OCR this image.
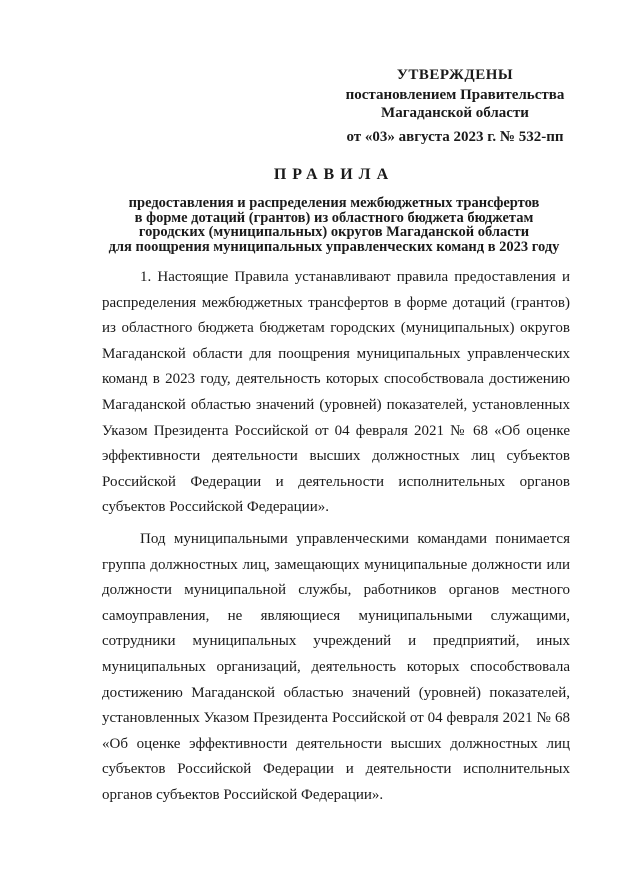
УТВЕРЖДЕНЫ
постановлением Правительства
Магаданской области
от «03» августа 2023 г. № 532-пп
ПРАВИЛА
предоставления и распределения межбюджетных трансфертов
в форме дотаций (грантов) из областного бюджета бюджетам
городских (муниципальных) округов Магаданской области
для поощрения муниципальных управленческих команд в 2023 году

1. Настоящие Правила устанавливают правила предоставления и распределения межбюджетных трансфертов в форме дотаций (грантов) из областного бюджета бюджетам городских (муниципальных) округов Магаданской области для поощрения муниципальных управленческих команд в 2023 году, деятельность которых способствовала достижению Магаданской областью значений (уровней) показателей, установленных Указом Президента Российской от 04 февраля 2021 № 68 «Об оценке эффективности деятельности высших должностных лиц субъектов Российской Федерации и деятельности исполнительных органов субъектов Российской Федерации».

Под муниципальными управленческими командами понимается группа должностных лиц, замещающих муниципальные должности или должности муниципальной службы, работников органов местного самоуправления, не являющиеся муниципальными служащими, сотрудники муниципальных учреждений и предприятий, иных муниципальных организаций, деятельность которых способствовала достижению Магаданской областью значений (уровней) показателей, установленных Указом Президента Российской от 04 февраля 2021 № 68 «Об оценке эффективности деятельности высших должностных лиц субъектов Российской Федерации и деятельности исполнительных органов субъектов Российской Федерации».
